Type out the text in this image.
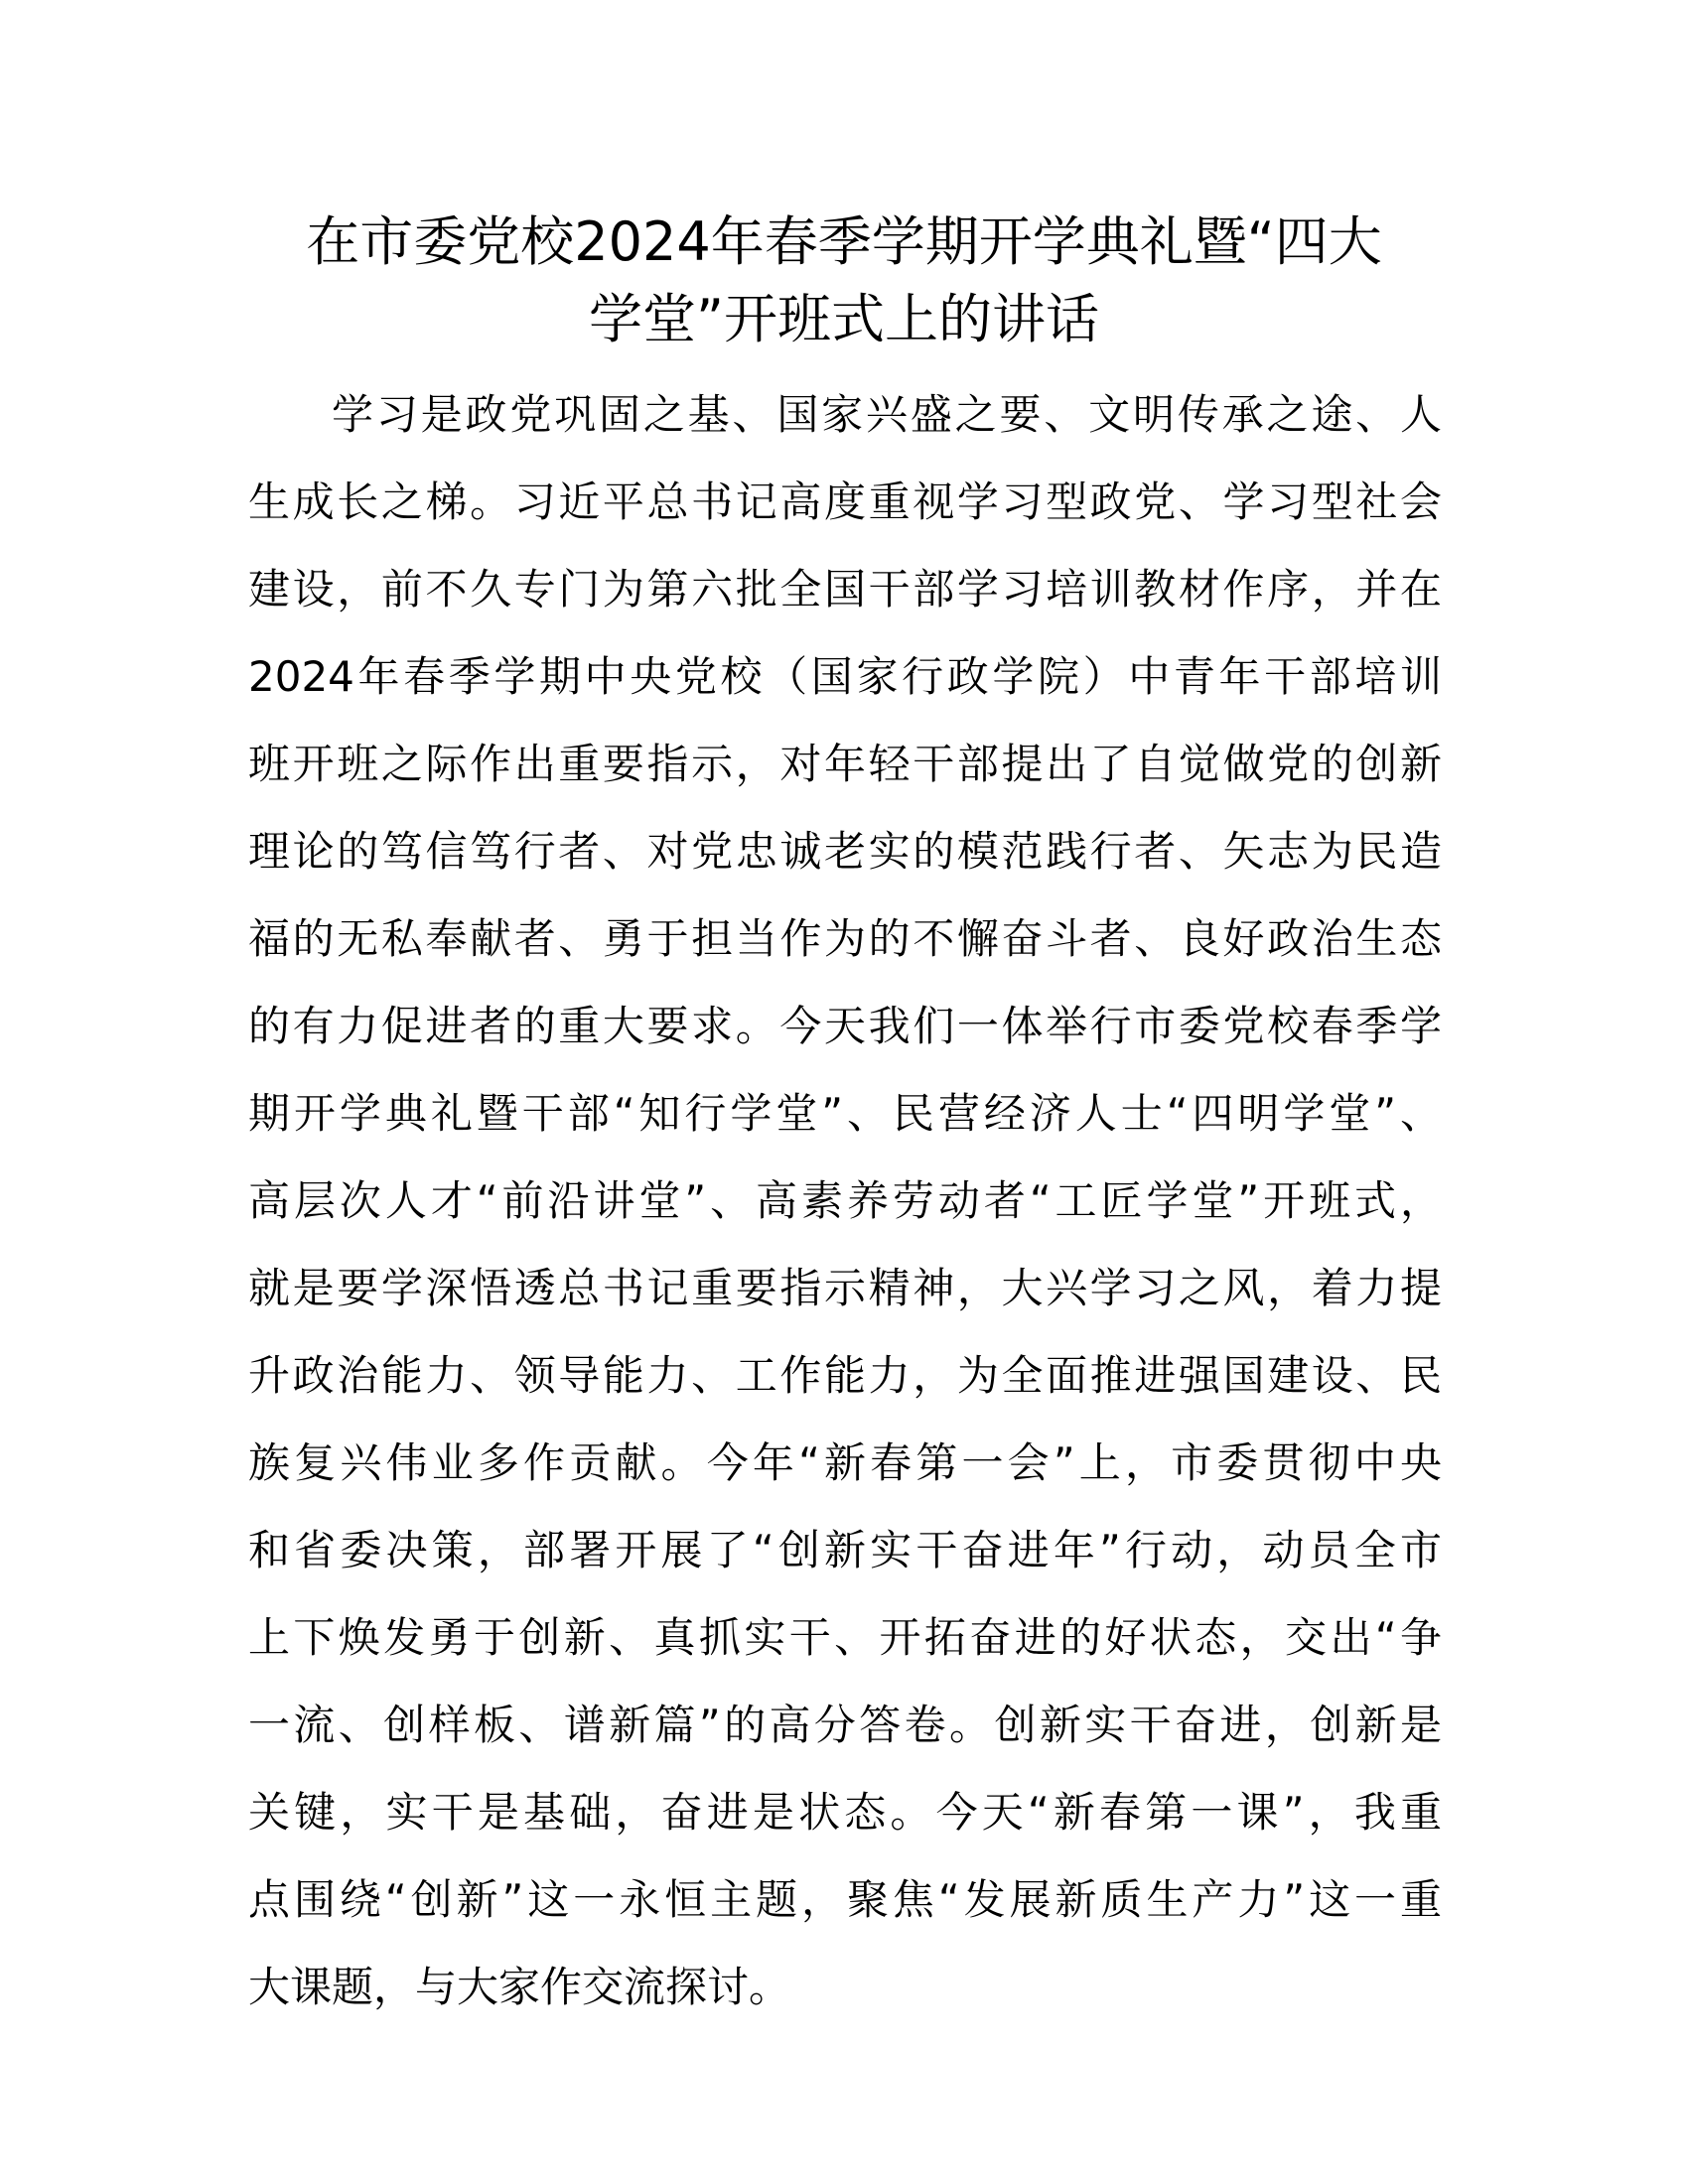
在市委党校2024年春季学期开学典礼暨“四大
学堂”开班式上的讲话
学习是政党巩固之基、国家兴盛之要、文明传承之途、人
生成长之梯。习近平总书记高度重视学习型政党、学习型社会
建设，前不久专门为第六批全国干部学习培训教材作序，并在
2024年春季学期中央党校（国家行政学院）中青年干部培训
班开班之际作出重要指示，对年轻干部提出了自觉做党的创新
理论的笃信笃行者、对党忠诚老实的模范践行者、矢志为民造
福的无私奉献者、勇于担当作为的不懈奋斗者、良好政治生态
的有力促进者的重大要求。今天我们一体举行市委党校春季学
期开学典礼暨干部“知行学堂”、民营经济人士“四明学堂”、
高层次人才“前沿讲堂”、高素养劳动者“工匠学堂”开班式，
就是要学深悟透总书记重要指示精神，大兴学习之风，着力提
升政治能力、领导能力、工作能力，为全面推进强国建设、民
族复兴伟业多作贡献。今年“新春第一会”上，市委贯彻中央
和省委决策，部署开展了“创新实干奋进年”行动，动员全市
上下焕发勇于创新、真抓实干、开拓奋进的好状态，交出“争
一流、创样板、谱新篇”的高分答卷。创新实干奋进，创新是
关键，实干是基础，奋进是状态。今天“新春第一课”，我重
点围绕“创新”这一永恒主题，聚焦“发展新质生产力”这一重
大课题，与大家作交流探讨。
